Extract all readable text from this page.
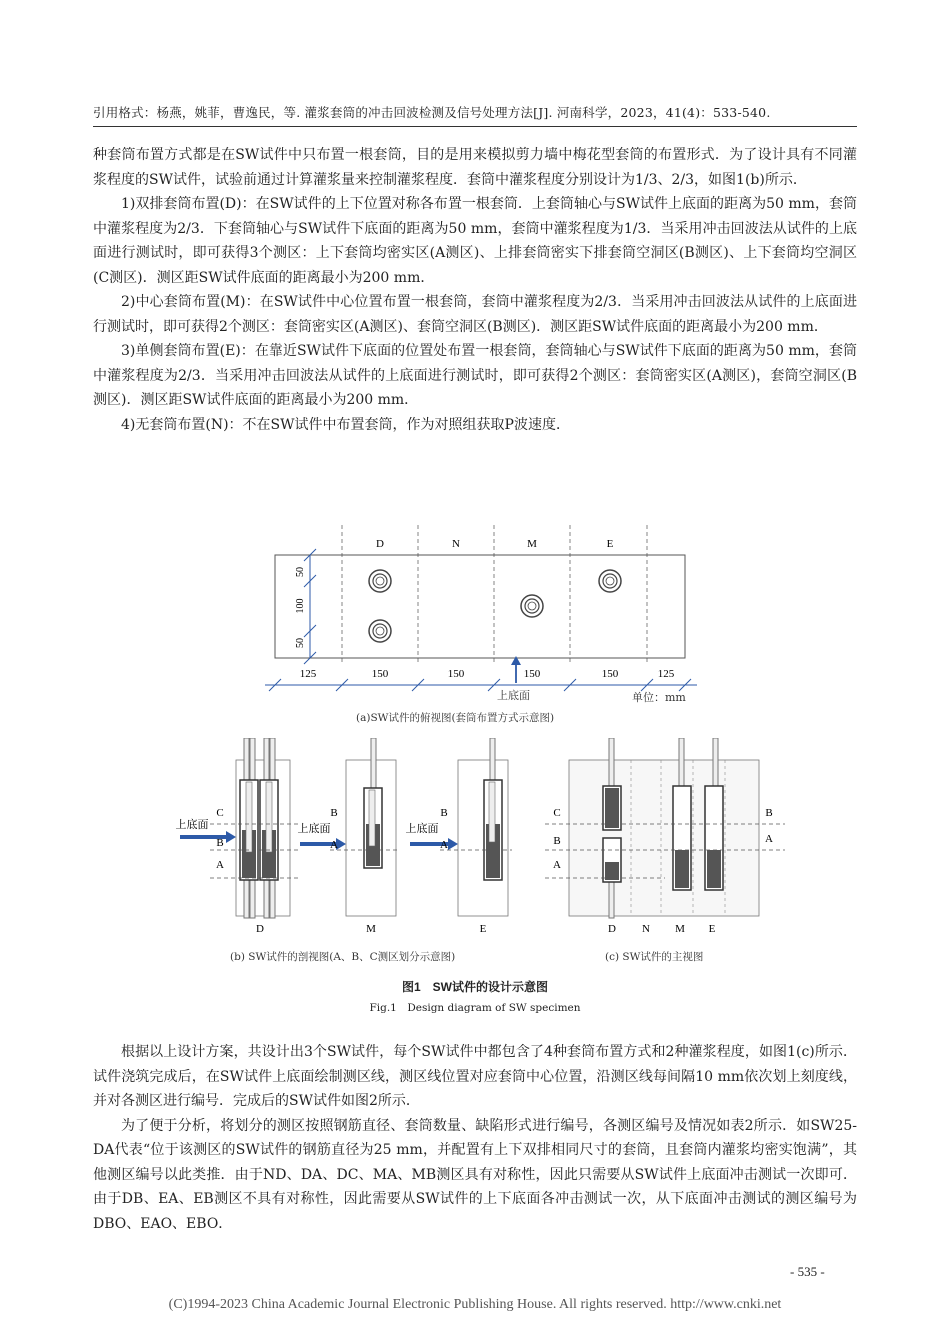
引用格式：杨燕，姚菲，曹逸民，等. 灌浆套筒的冲击回波检测及信号处理方法[J]. 河南科学，2023，41(4)：533-540.

种套筒布置方式都是在SW试件中只布置一根套筒，目的是用来模拟剪力墙中梅花型套筒的布置形式．为了设计具有不同灌浆程度的SW试件，试验前通过计算灌浆量来控制灌浆程度．套筒中灌浆程度分别设计为1/3、2/3，如图1(b)所示．

1)双排套筒布置(D)：在SW试件的上下位置对称各布置一根套筒．上套筒轴心与SW试件上底面的距离为50 mm，套筒中灌浆程度为2/3．下套筒轴心与SW试件下底面的距离为50 mm，套筒中灌浆程度为1/3．当采用冲击回波法从试件的上底面进行测试时，即可获得3个测区：上下套筒均密实区(A测区)、上排套筒密实下排套筒空洞区(B测区)、上下套筒均空洞区(C测区)．测区距SW试件底面的距离最小为200 mm．

2)中心套筒布置(M)：在SW试件中心位置布置一根套筒，套筒中灌浆程度为2/3．当采用冲击回波法从试件的上底面进行测试时，即可获得2个测区：套筒密实区(A测区)、套筒空洞区(B测区)．测区距SW试件底面的距离最小为200 mm．

3)单侧套筒布置(E)：在靠近SW试件下底面的位置处布置一根套筒，套筒轴心与SW试件下底面的距离为50 mm，套筒中灌浆程度为2/3．当采用冲击回波法从试件的上底面进行测试时，即可获得2个测区：套筒密实区(A测区)，套筒空洞区(B测区)．测区距SW试件底面的距离最小为200 mm．

4)无套筒布置(N)：不在SW试件中布置套筒，作为对照组获取P波速度．

D	N	M	E
50
100
50
125	150	150	150	150	125
上底面	单位：mm
(a)SW试件的俯视图(套筒布置方式示意图)
C
B
A
B
A
B
A
上底面	上底面	上底面
D	M	E
(b) SW试件的剖视图(A、B、C测区划分示意图)
C
B
A
B
A
D N M E
(c) SW试件的主视图
图1　SW试件的设计示意图
Fig.1　Design diagram of SW specimen

根据以上设计方案，共设计出3个SW试件，每个SW试件中都包含了4种套筒布置方式和2种灌浆程度，如图1(c)所示．试件浇筑完成后，在SW试件上底面绘制测区线，测区线位置对应套筒中心位置，沿测区线每间隔10 mm依次划上刻度线，并对各测区进行编号．完成后的SW试件如图2所示．

为了便于分析，将划分的测区按照钢筋直径、套筒数量、缺陷形式进行编号，各测区编号及情况如表2所示．如SW25-DA代表“位于该测区的SW试件的钢筋直径为25 mm，并配置有上下双排相同尺寸的套筒，且套筒内灌浆均密实饱满”，其他测区编号以此类推．由于ND、DA、DC、MA、MB测区具有对称性，因此只需要从SW试件上底面冲击测试一次即可．由于DB、EA、EB测区不具有对称性，因此需要从SW试件的上下底面各冲击测试一次，从下底面冲击测试的测区编号为DBO、EAO、EBO．

- 535 -
(C)1994-2023 China Academic Journal Electronic Publishing House. All rights reserved. http://www.cnki.net
